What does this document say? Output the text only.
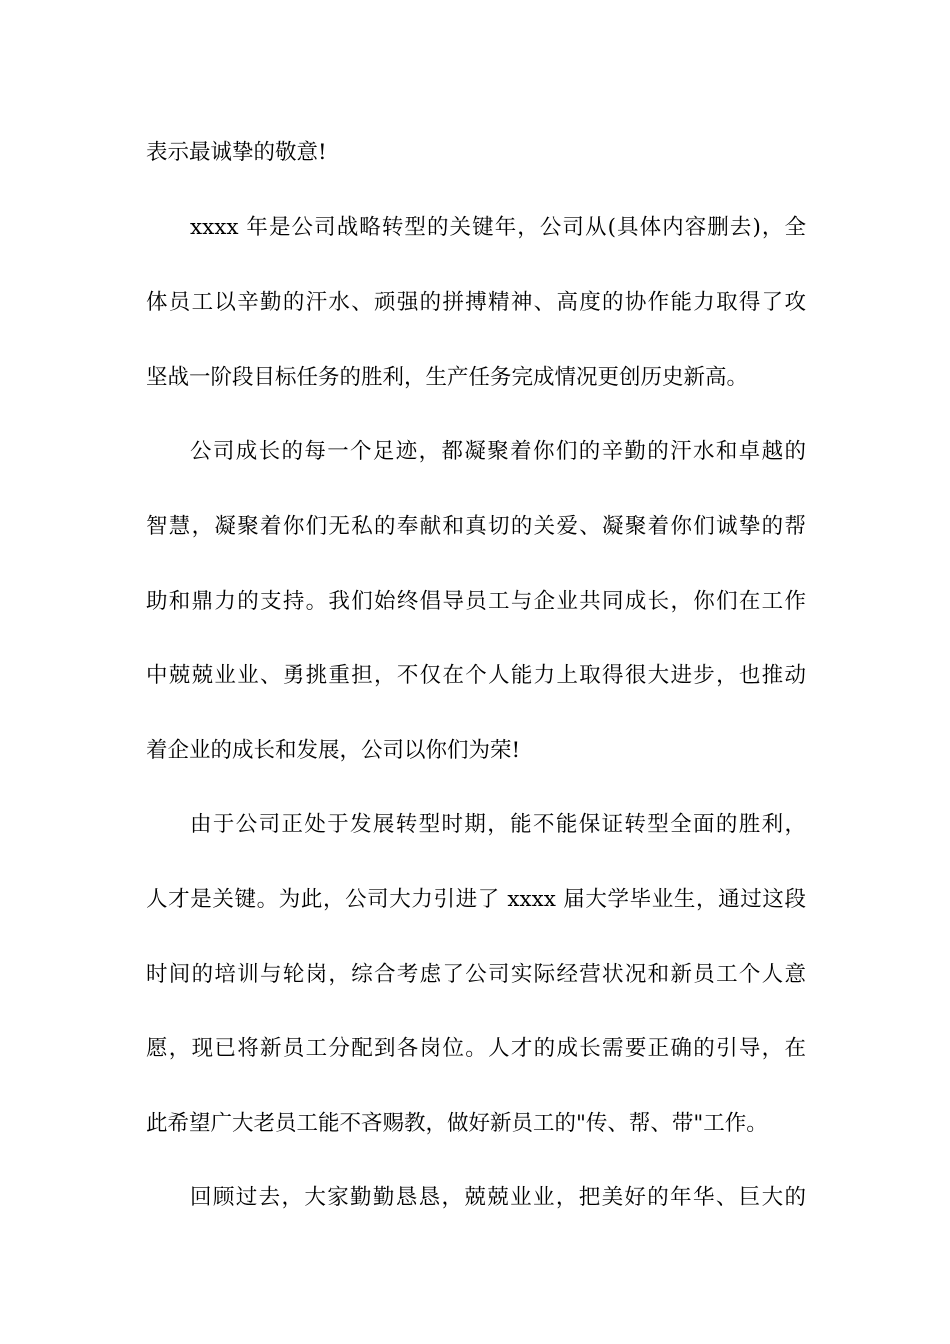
表示最诚挚的敬意!
xxxx 年是公司战略转型的关键年，公司从(具体内容删去)，全
体员工以辛勤的汗水、顽强的拼搏精神、高度的协作能力取得了攻
坚战一阶段目标任务的胜利，生产任务完成情况更创历史新高。
公司成长的每一个足迹，都凝聚着你们的辛勤的汗水和卓越的
智慧，凝聚着你们无私的奉献和真切的关爱、凝聚着你们诚挚的帮
助和鼎力的支持。我们始终倡导员工与企业共同成长，你们在工作
中兢兢业业、勇挑重担，不仅在个人能力上取得很大进步，也推动
着企业的成长和发展，公司以你们为荣!
由于公司正处于发展转型时期，能不能保证转型全面的胜利，
人才是关键。为此，公司大力引进了 xxxx 届大学毕业生，通过这段
时间的培训与轮岗，综合考虑了公司实际经营状况和新员工个人意
愿，现已将新员工分配到各岗位。人才的成长需要正确的引导，在
此希望广大老员工能不吝赐教，做好新员工的"传、帮、带"工作。
回顾过去，大家勤勤恳恳，兢兢业业，把美好的年华、巨大的
